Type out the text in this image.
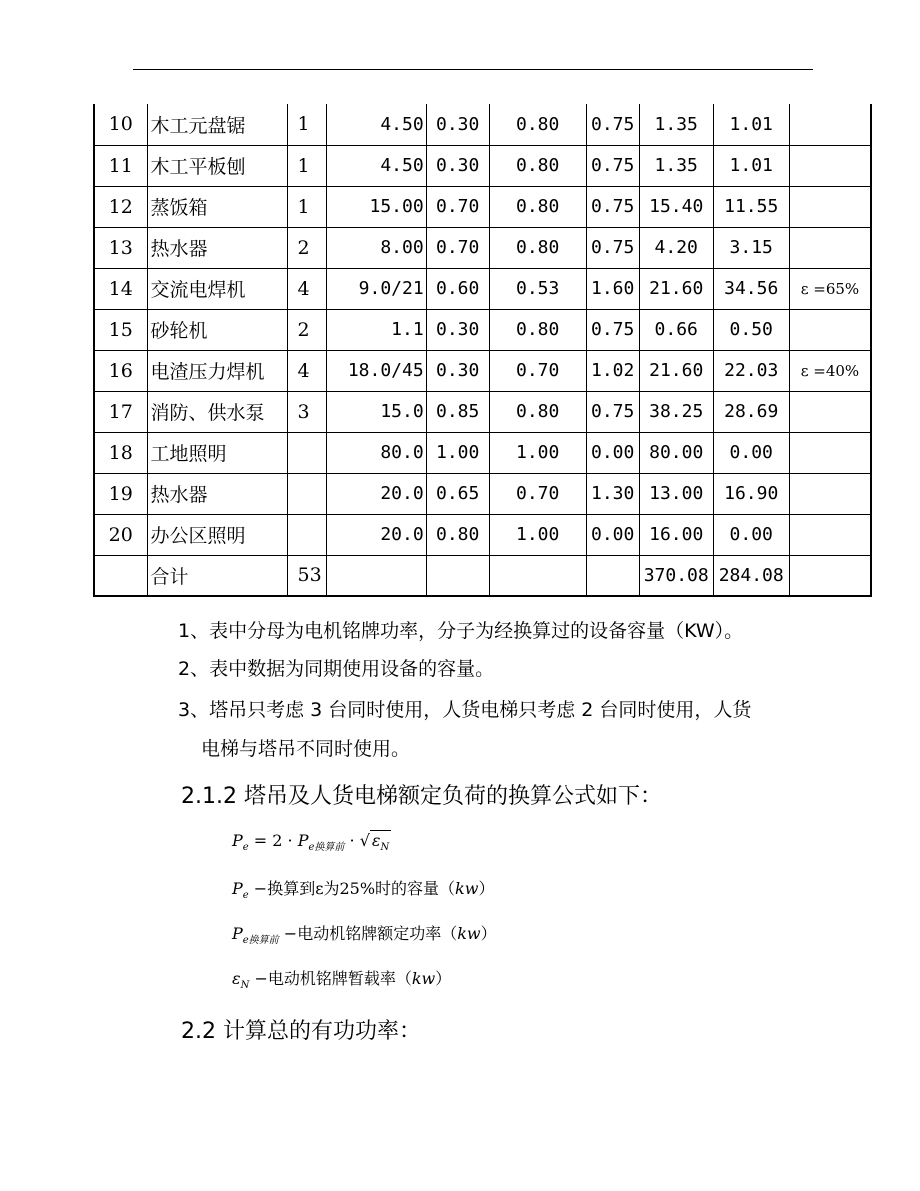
10	木工元盘锯	1	4.50	0.30	0.80	0.75	1.35	1.01	
11	木工平板刨	1	4.50	0.30	0.80	0.75	1.35	1.01	
12	蒸饭箱	1	15.00	0.70	0.80	0.75	15.40	11.55	
13	热水器	2	8.00	0.70	0.80	0.75	4.20	3.15	
14	交流电焊机	4	9.0/21	0.60	0.53	1.60	21.60	34.56	ε =65%
15	砂轮机	2	1.1	0.30	0.80	0.75	0.66	0.50	
16	电渣压力焊机	4	18.0/45	0.30	0.70	1.02	21.60	22.03	ε =40%
17	消防、供水泵	3	15.0	0.85	0.80	0.75	38.25	28.69	
18	工地照明		80.0	1.00	1.00	0.00	80.00	0.00	
19	热水器		20.0	0.65	0.70	1.30	13.00	16.90	
20	办公区照明		20.0	0.80	1.00	0.00	16.00	0.00	
	合计	53					370.08	284.08	
1、表中分母为电机铭牌功率，分子为经换算过的设备容量（KW）。
2、表中数据为同期使用设备的容量。
3、塔吊只考虑 3 台同时使用，人货电梯只考虑 2 台同时使用，人货
电梯与塔吊不同时使用。
2.1.2 塔吊及人货电梯额定负荷的换算公式如下：
$P_e = 2 \cdot P_{e换算前}$ · √ $\varepsilon_N$
$P_e$ −换算到ε为25%时的容量（kw）
$P_{e换算前}$ −电动机铭牌额定功率（kw）
$\varepsilon_N$ −电动机铭牌暂载率（kw）
2.2 计算总的有功功率：
